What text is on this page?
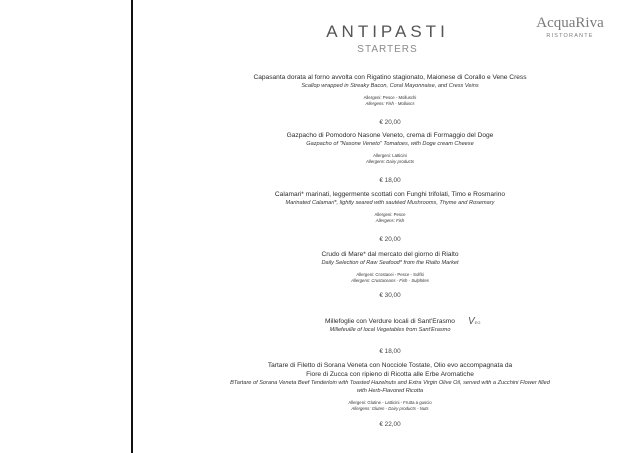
ANTIPASTI
STARTERS
AcquaRiva
RISTORANTE
Capasanta dorata al forno avvolta con Rigatino stagionato, Maionese di Corallo e Vene Cress
Scallop wrapped in Streaky Bacon, Coral Mayonnaise, and Cress Veins
Allergeni: Pesce - Molluschi
Allergens: Fish - Molluscs
€ 20,00
Gazpacho di Pomodoro Nasone Veneto, crema di Formaggio del Doge
Gazpacho of "Nasone Veneto" Tomatoes, with Doge cream Cheese
Allergeni: Latticini
Allergens: Dairy products
€ 18,00
Calamari* marinati, leggermente scottati con Funghi trifolati, Timo e Rosmarino
Marinated Calamari*, lightly seared with sautéed Mushrooms, Thyme and Rosemary
Allergeni: Pesce
Allergens: Fish
€ 20,00
Crudo di Mare* dal mercato del giorno di Rialto
Daily Selection of Raw Seafood* from the Rialto Market
Allergeni: Crostacei - Pesce - Solfiti
Allergens: Crustaceans - Fish - Sulphites
€ 30,00
Millefoglie con Verdure locali di Sant'Erasmo
Millefeuille of local Vegetables from Sant'Erasmo
€ 18,00
VEG
Tartare di Filetto di Sorana Veneta con Nocciole Tostate, Olio evo accompagnata da Fiore di Zucca con ripieno di Ricotta alle Erbe Aromatiche
BTartare of Sorana Veneta Beef Tenderloin with Toasted Hazelnuts and Extra Virgin Olive Oil, served with a Zucchini Flower filled with Herb-Flavored Ricotta
Allergeni: Glutine - Latticini - Frutta a guscio
Allergens: Gluten - Dairy products - Nuts
€ 22,00
